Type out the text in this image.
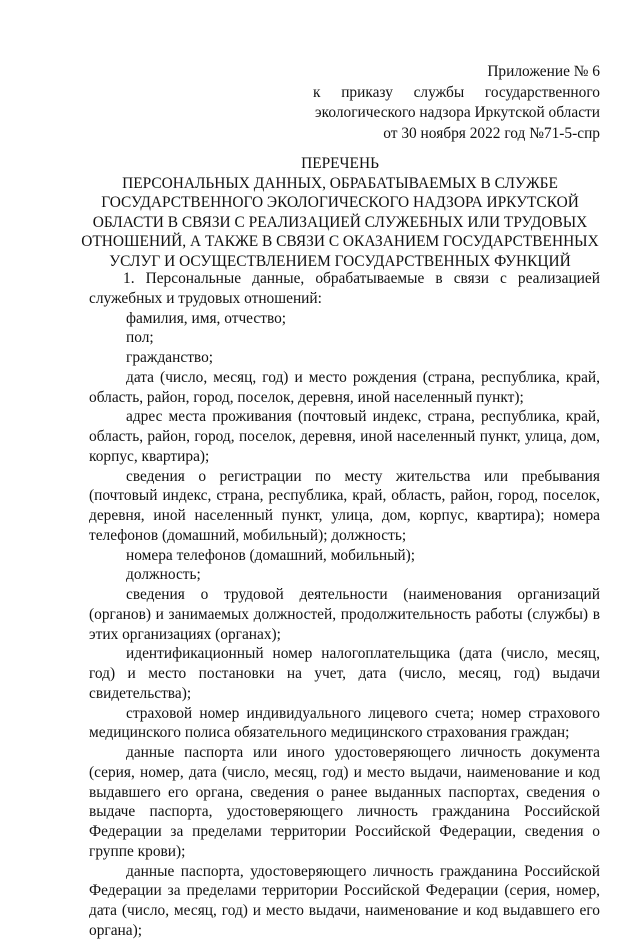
Приложение № 6
к приказу службы государственного
экологического надзора Иркутской области
от 30 ноября 2022 год №71-5-спр
ПЕРЕЧЕНЬ
ПЕРСОНАЛЬНЫХ ДАННЫХ, ОБРАБАТЫВАЕМЫХ В СЛУЖБЕ
ГОСУДАРСТВЕННОГО ЭКОЛОГИЧЕСКОГО НАДЗОРА ИРКУТСКОЙ
ОБЛАСТИ В СВЯЗИ С РЕАЛИЗАЦИЕЙ СЛУЖЕБНЫХ ИЛИ ТРУДОВЫХ
ОТНОШЕНИЙ, А ТАКЖЕ В СВЯЗИ С ОКАЗАНИЕМ ГОСУДАРСТВЕННЫХ
УСЛУГ И ОСУЩЕСТВЛЕНИЕМ ГОСУДАРСТВЕННЫХ ФУНКЦИЙ

1. Персональные данные, обрабатываемые в связи с реализацией служебных и трудовых отношений:

фамилия, имя, отчество;

пол;

гражданство;

дата (число, месяц, год) и место рождения (страна, республика, край, область, район, город, поселок, деревня, иной населенный пункт);

адрес места проживания (почтовый индекс, страна, республика, край, область, район, город, поселок, деревня, иной населенный пункт, улица, дом, корпус, квартира);

сведения о регистрации по месту жительства или пребывания (почтовый индекс, страна, республика, край, область, район, город, поселок, деревня, иной населенный пункт, улица, дом, корпус, квартира); номера телефонов (домашний, мобильный); должность;

номера телефонов (домашний, мобильный);

должность;

сведения о трудовой деятельности (наименования организаций (органов) и занимаемых должностей, продолжительность работы (службы) в этих организациях (органах);

идентификационный номер налогоплательщика (дата (число, месяц, год) и место постановки на учет, дата (число, месяц, год) выдачи свидетельства);

страховой номер индивидуального лицевого счета; номер страхового медицинского полиса обязательного медицинского страхования граждан;

данные паспорта или иного удостоверяющего личность документа (серия, номер, дата (число, месяц, год) и место выдачи, наименование и код выдавшего его органа, сведения о ранее выданных паспортах, сведения о выдаче паспорта, удостоверяющего личность гражданина Российской Федерации за пределами территории Российской Федерации, сведения о группе крови);

данные паспорта, удостоверяющего личность гражданина Российской Федерации за пределами территории Российской Федерации (серия, номер, дата (число, месяц, год) и место выдачи, наименование и код выдавшего его органа);
